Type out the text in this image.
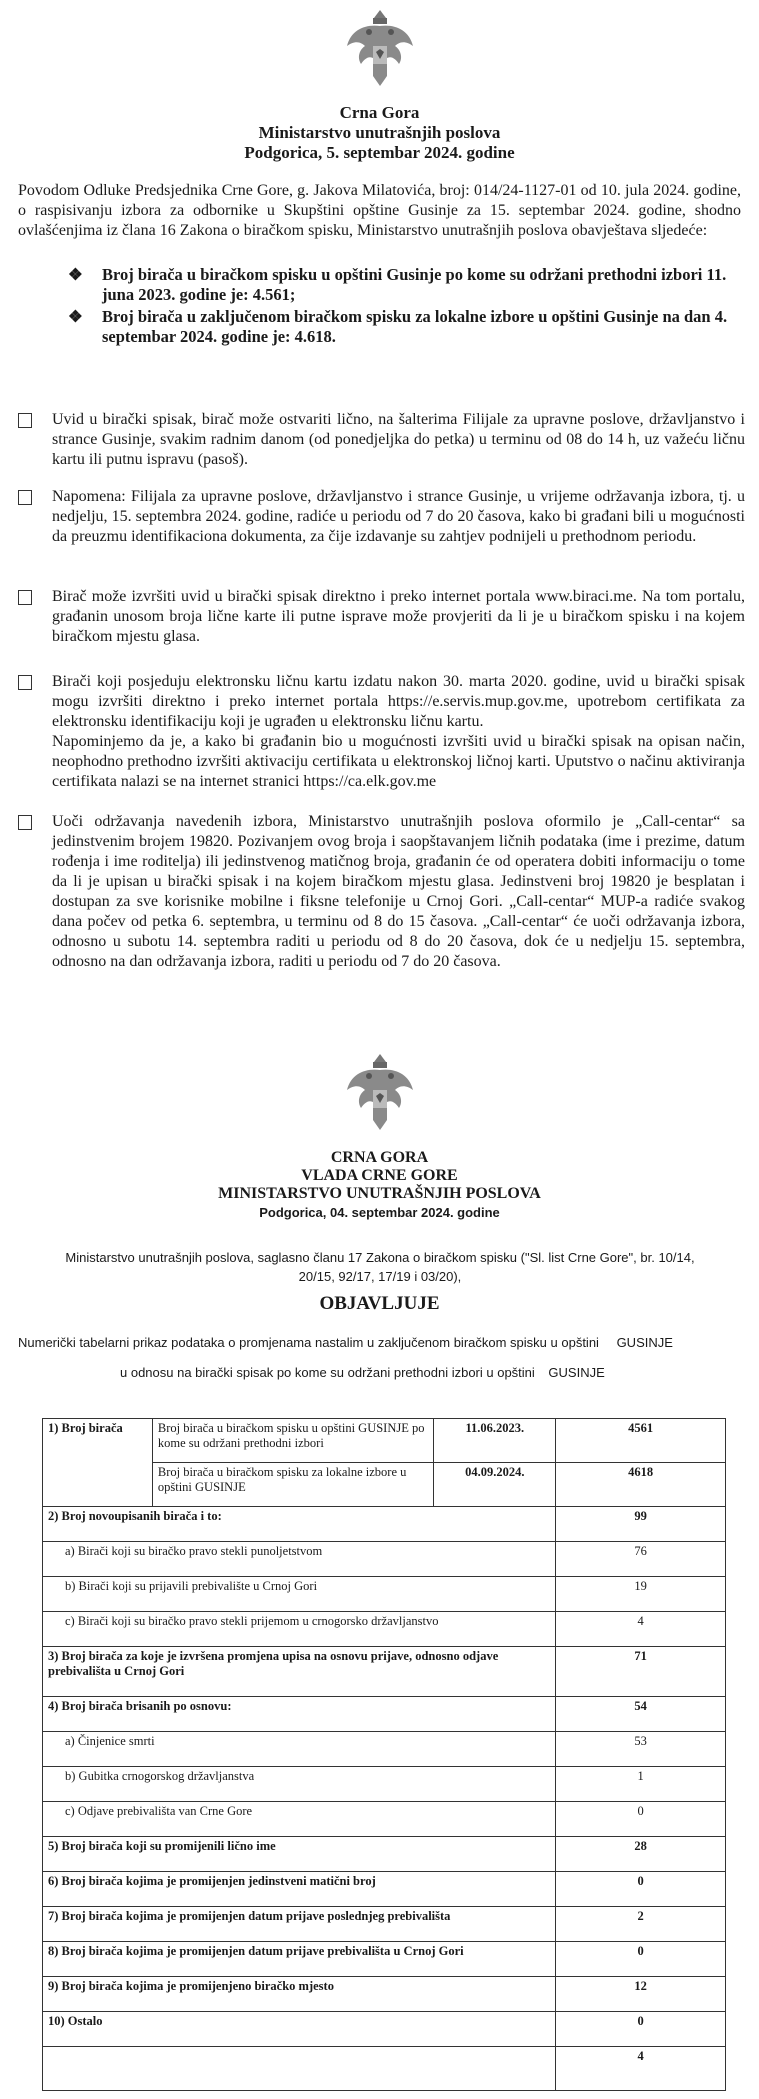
Crna Gora
Ministarstvo unutrašnjih poslova
Podgorica, 5. septembar 2024. godine
Povodom Odluke Predsjednika Crne Gore, g. Jakova Milatovića, broj: 014/24-1127-01 od 10. jula 2024. godine, o raspisivanju izbora za odbornike u Skupštini opštine Gusinje za 15. septembar 2024. godine, shodno ovlašćenjima iz člana 16 Zakona o biračkom spisku, Ministarstvo unutrašnjih poslova obavještava sljedeće:
❖	Broj birača u biračkom spisku u opštini Gusinje po kome su održani prethodni izbori 11. juna 2023. godine je: 4.561;
❖	Broj birača u zaključenom biračkom spisku za lokalne izbore u opštini Gusinje na dan 4. septembar 2024. godine je: 4.618.

Uvid u birački spisak, birač može ostvariti lično, na šalterima Filijale za upravne poslove, državljanstvo i strance Gusinje, svakim radnim danom (od ponedjeljka do petka) u terminu od 08 do 14 h, uz važeću ličnu kartu ili putnu ispravu (pasoš).

Napomena: Filijala za upravne poslove, državljanstvo i strance Gusinje, u vrijeme održavanja izbora, tj. u nedjelju, 15. septembra 2024. godine, radiće u periodu od 7 do 20 časova, kako bi građani bili u mogućnosti da preuzmu identifikaciona dokumenta, za čije izdavanje su zahtjev podnijeli u prethodnom periodu.

Birač može izvršiti uvid u birački spisak direktno i preko internet portala www.biraci.me. Na tom portalu, građanin unosom broja lične karte ili putne isprave može provjeriti da li je u biračkom spisku i na kojem biračkom mjestu glasa.

Birači koji posjeduju elektronsku ličnu kartu izdatu nakon 30. marta 2020. godine, uvid u birački spisak mogu izvršiti direktno i preko internet portala https://e.servis.mup.gov.me, upotrebom certifikata za elektronsku identifikaciju koji je ugrađen u elektronsku ličnu kartu.

Napominjemo da je, a kako bi građanin bio u mogućnosti izvršiti uvid u birački spisak na opisan način, neophodno prethodno izvršiti aktivaciju certifikata u elektronskoj ličnoj karti. Uputstvo o načinu aktiviranja certifikata nalazi se na internet stranici https://ca.elk.gov.me

Uoči održavanja navedenih izbora, Ministarstvo unutrašnjih poslova oformilo je „Call-centar“ sa jedinstvenim brojem 19820. Pozivanjem ovog broja i saopštavanjem ličnih podataka (ime i prezime, datum rođenja i ime roditelja) ili jedinstvenog matičnog broja, građanin će od operatera dobiti informaciju o tome da li je upisan u birački spisak i na kojem biračkom mjestu glasa. Jedinstveni broj 19820 je besplatan i dostupan za sve korisnike mobilne i fiksne telefonije u Crnoj Gori. „Call-centar“ MUP-a radiće svakog dana počev od petka 6. septembra, u terminu od 8 do 15 časova. „Call-centar“ će uoči održavanja izbora, odnosno u subotu 14. septembra raditi u periodu od 8 do 20 časova, dok će u nedjelju 15. septembra, odnosno na dan održavanja izbora, raditi u periodu od 7 do 20 časova.

CRNA GORA
VLADA CRNE GORE
MINISTARSTVO UNUTRAŠNJIH POSLOVA
Podgorica, 04. septembar 2024. godine
Ministarstvo unutrašnjih poslova, saglasno članu 17 Zakona o biračkom spisku ("Sl. list Crne Gore", br. 10/14, 20/15, 92/17, 17/19 i 03/20),
OBJAVLJUJE
Numerički tabelarni prikaz podataka o promjenama nastalim u zaključenom biračkom spisku u opštini GUSINJE
u odnosu na birački spisak po kome su održani prethodni izbori u opštini GUSINJE
1) Broj birača	Broj birača u biračkom spisku u opštini GUSINJE po kome su održani prethodni izbori	11.06.2023.	4561
	Broj birača u biračkom spisku za lokalne izbore u opštini GUSINJE	04.09.2024.	4618
2) Broj novoupisanih birača i to:			99
a) Birači koji su biračko pravo stekli punoljetstvom			76
b) Birači koji su prijavili prebivalište u Crnoj Gori			19
c) Birači koji su biračko pravo stekli prijemom u crnogorsko državljanstvo			4
3) Broj birača za koje je izvršena promjena upisa na osnovu prijave, odnosno odjave prebivališta u Crnoj Gori			71
4) Broj birača brisanih po osnovu:			54
a) Činjenice smrti			53
b) Gubitka crnogorskog državljanstva			1
c) Odjave prebivališta van Crne Gore			0
5) Broj birača koji su promijenili lično ime			28
6) Broj birača kojima je promijenjen jedinstveni matični broj			0
7) Broj birača kojima je promijenjen datum prijave poslednjeg prebivališta			2
8) Broj birača kojima je promijenjen datum prijave prebivališta u Crnoj Gori			0
9) Broj birača kojima je promijenjeno biračko mjesto			12
10) Ostalo			0
			4
